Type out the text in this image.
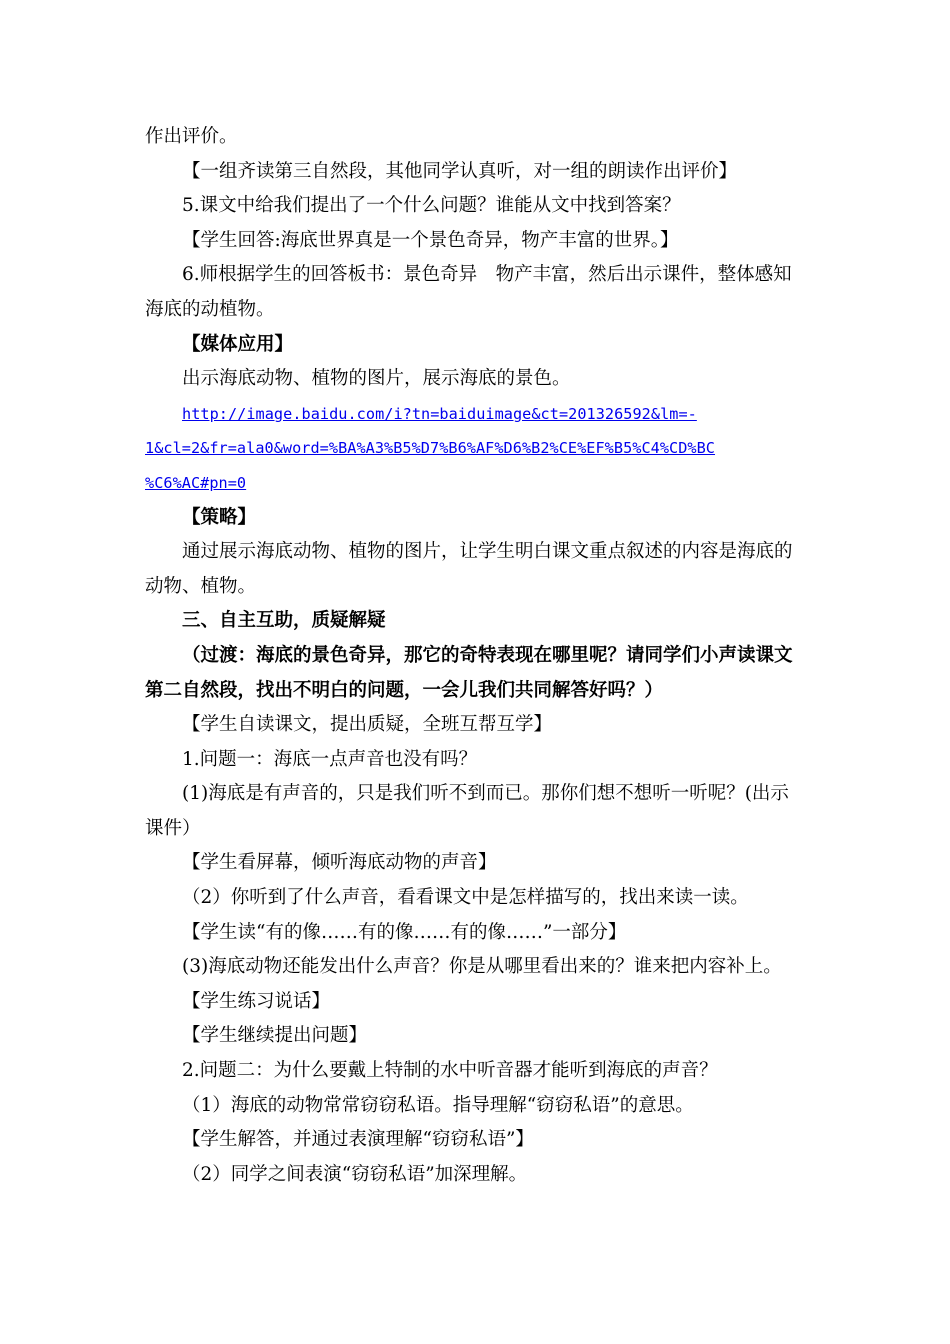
作出评价。
【一组齐读第三自然段，其他同学认真听，对一组的朗读作出评价】
5.课文中给我们提出了一个什么问题？谁能从文中找到答案？
【学生回答:海底世界真是一个景色奇异，物产丰富的世界。】
6.师根据学生的回答板书：景色奇异　物产丰富，然后出示课件，整体感知
海底的动植物。
【媒体应用】
出示海底动物、植物的图片，展示海底的景色。
http://image.baidu.com/i?tn=baiduimage&ct=201326592&lm=-
1&cl=2&fr=ala0&word=%BA%A3%B5%D7%B6%AF%D6%B2%CE%EF%B5%C4%CD%BC
%C6%AC#pn=0
【策略】
通过展示海底动物、植物的图片，让学生明白课文重点叙述的内容是海底的
动物、植物。
三、自主互助，质疑解疑
（过渡：海底的景色奇异，那它的奇特表现在哪里呢？请同学们小声读课文
第二自然段，找出不明白的问题，一会儿我们共同解答好吗？）
【学生自读课文，提出质疑，全班互帮互学】
1.问题一：海底一点声音也没有吗？
(1)海底是有声音的，只是我们听不到而已。那你们想不想听一听呢？(出示
课件）
【学生看屏幕，倾听海底动物的声音】
（2）你听到了什么声音，看看课文中是怎样描写的，找出来读一读。
【学生读“有的像……有的像……有的像……”一部分】
(3)海底动物还能发出什么声音？你是从哪里看出来的？谁来把内容补上。
【学生练习说话】
【学生继续提出问题】
2.问题二：为什么要戴上特制的水中听音器才能听到海底的声音？
（1）海底的动物常常窃窃私语。指导理解“窃窃私语”的意思。
【学生解答，并通过表演理解“窃窃私语”】
（2）同学之间表演“窃窃私语”加深理解。
